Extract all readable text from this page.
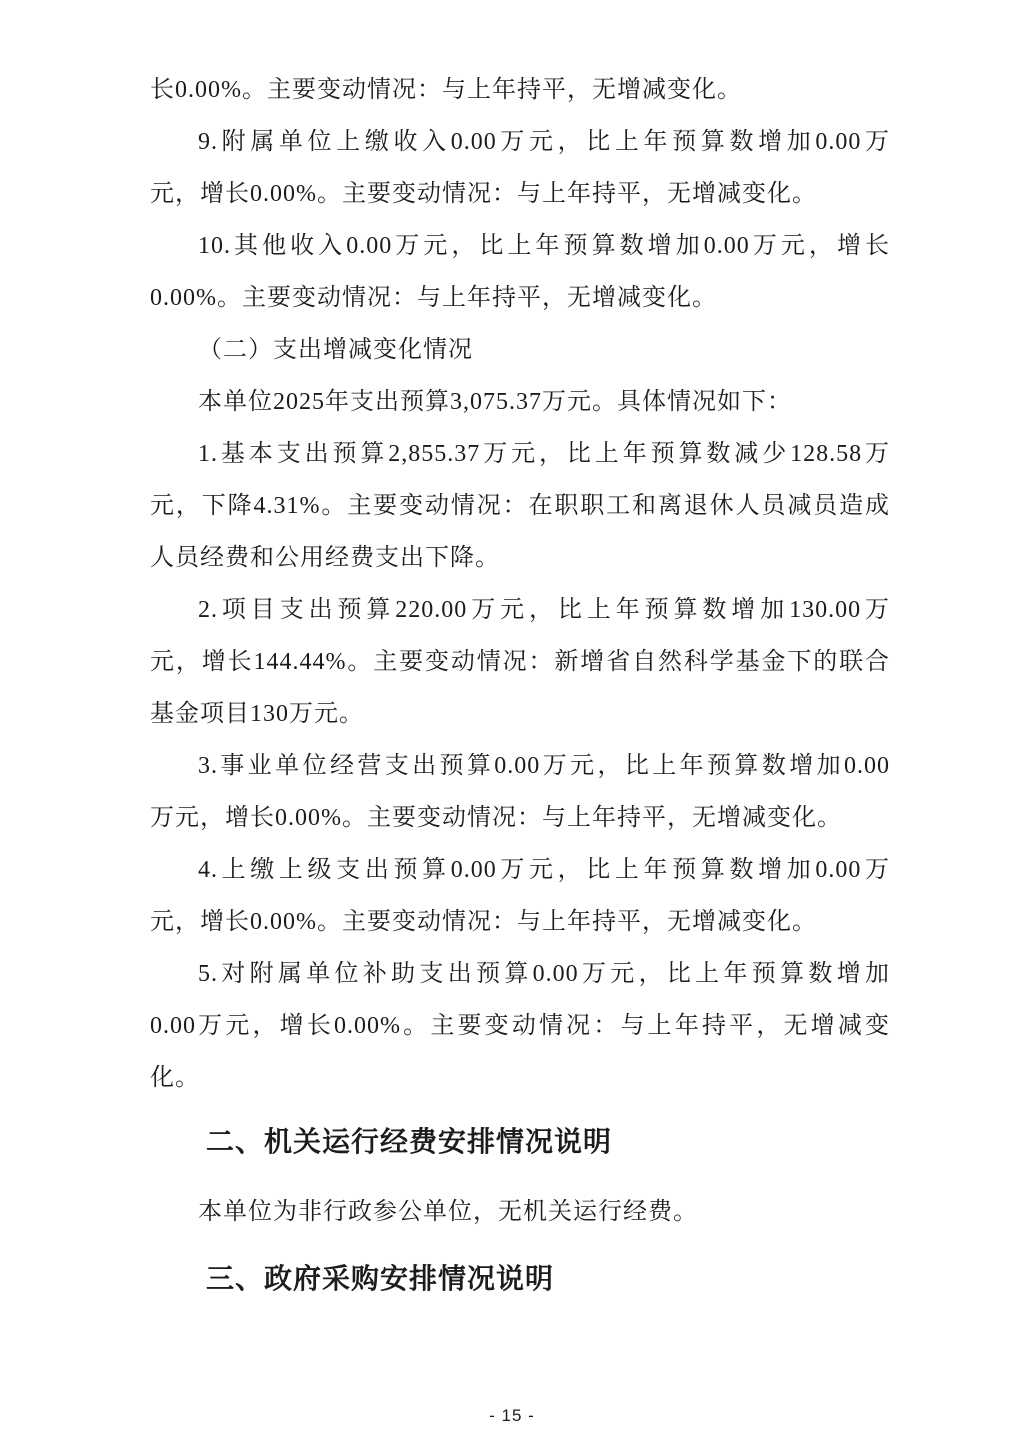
长0.00%。主要变动情况：与上年持平，无增减变化。
9.附属单位上缴收入0.00万元，比上年预算数增加0.00万
元，增长0.00%。主要变动情况：与上年持平，无增减变化。
10.其他收入0.00万元，比上年预算数增加0.00万元，增长
0.00%。主要变动情况：与上年持平，无增减变化。
（二）支出增减变化情况
本单位2025年支出预算3,075.37万元。具体情况如下：
1.基本支出预算2,855.37万元，比上年预算数减少128.58万
元，下降4.31%。主要变动情况：在职职工和离退休人员减员造成
人员经费和公用经费支出下降。
2.项目支出预算220.00万元，比上年预算数增加130.00万
元，增长144.44%。主要变动情况：新增省自然科学基金下的联合
基金项目130万元。
3.事业单位经营支出预算0.00万元，比上年预算数增加0.00
万元，增长0.00%。主要变动情况：与上年持平，无增减变化。
4.上缴上级支出预算0.00万元，比上年预算数增加0.00万
元，增长0.00%。主要变动情况：与上年持平，无增减变化。
5.对附属单位补助支出预算0.00万元，比上年预算数增加
0.00万元，增长0.00%。主要变动情况：与上年持平，无增减变
化。
二、机关运行经费安排情况说明
本单位为非行政参公单位，无机关运行经费。
三、政府采购安排情况说明
- 15 -
